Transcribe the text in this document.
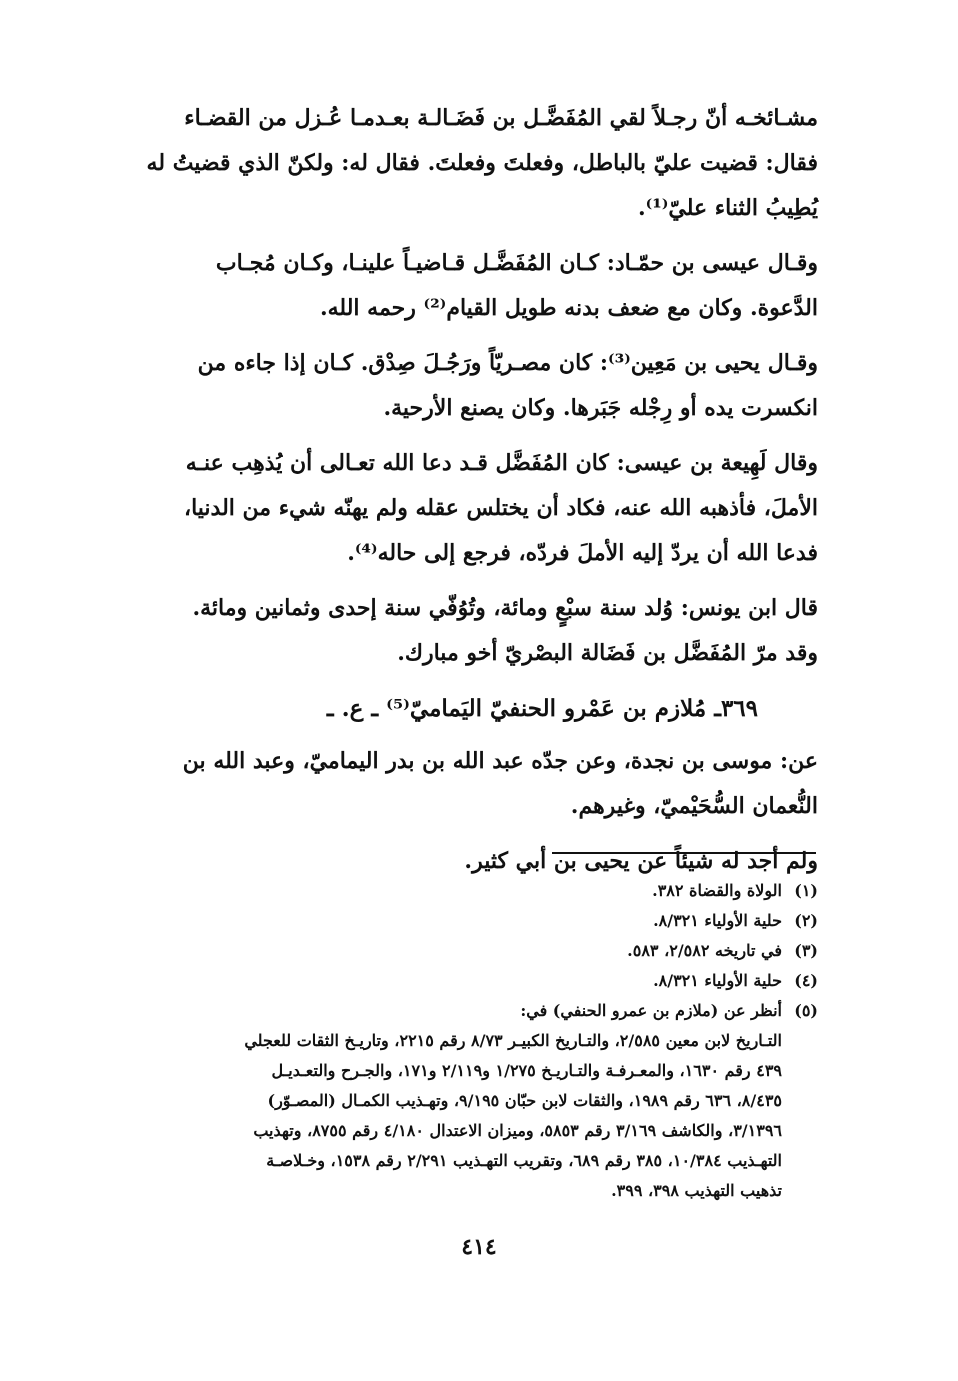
مشـائخـه أنّ رجـلاً لقي المُفَضَّـل بن فَضَـالـة بعـدمـا عُـزل من القضـاء

فقال: قضيت عليّ بالباطل، وفعلتَ وفعلتَ. فقال له: ولكنّ الذي قضيتُ له

يُطِيبُ الثناء عليّ⁽¹⁾.

وقـال عيسى بن حمّـاد: كـان المُفَضَّـل قـاضيـاً علينـا، وكـان مُجـاب

الدَّعوة. وكان مع ضعف بدنه طويل القيام⁽²⁾ رحمه الله.

وقـال يحيى بن مَعِين⁽³⁾: كان مصـريّاً ورَجُـلَ صِدْق. كـان إذا جاءه من

انكسرت يده أو رِجْله جَبَرها. وكان يصنع الأرحية.

وقال لَهِيعة بن عيسى: كان المُفَضَّل قـد دعا الله تعـالى أن يُذهِب عنـه

الأملَ، فأذهبه الله عنه، فكاد أن يختلس عقله ولم يهنّه شيء من الدنيا،

فدعا الله أن يردّ إليه الأملَ فردّه، فرجع إلى حاله⁽⁴⁾.

قال ابن يونس: وُلد سنة سبْعٍ ومائة، وتُوُفّي سنة إحدى وثمانين ومائة.

وقد مرّ المُفَضَّل بن فَضَالة البصْريّ أخو مبارك.

٣٦٩ـ مُلازم بن عَمْرو الحنفيّ اليَماميّ⁽⁵⁾ ـ ع. ـ

عن: موسى بن نجدة، وعن جدّه عبد الله بن بدر اليماميّ، وعبد الله بن

النُّعمان السُّحَيْميّ، وغيرهم.

ولم أجد له شيئاً عن يحيى بن أبي كثير.

(١)
الولاة والقضاة ٣٨٢.
(٢)
حلية الأولياء ٨/٣٢١.
(٣)
في تاريخه ٢/٥٨٢، ٥٨٣.
(٤)
حلية الأولياء ٨/٣٢١.
(٥)
أنظر عن (ملازم بن عمرو الحنفي) في:
التـاريخ لابن معين ٢/٥٨٥، والتـاريخ الكبيـر ٨/٧٣ رقم ٢٢١٥، وتاريـخ الثقات للعجلي
٤٣٩ رقم ١٦٣٠، والمعـرفـة والتـاريـخ ١/٢٧٥ و٢/١١٩ و١٧١، والجـرح والتعـديـل
٨/٤٣٥، ٦٣٦ رقم ١٩٨٩، والثقات لابن حبّان ٩/١٩٥، وتهـذيب الكمـال (المصـوّر)
٣/١٣٩٦، والكاشف ٣/١٦٩ رقم ٥٨٥٣، وميزان الاعتدال ٤/١٨٠ رقم ٨٧٥٥، وتهذيب
التهـذيب ١٠/٣٨٤، ٣٨٥ رقم ٦٨٩، وتقريب التهـذيب ٢/٢٩١ رقم ١٥٣٨، وخـلاصـة
تذهيب التهذيب ٣٩٨، ٣٩٩.
٤١٤
